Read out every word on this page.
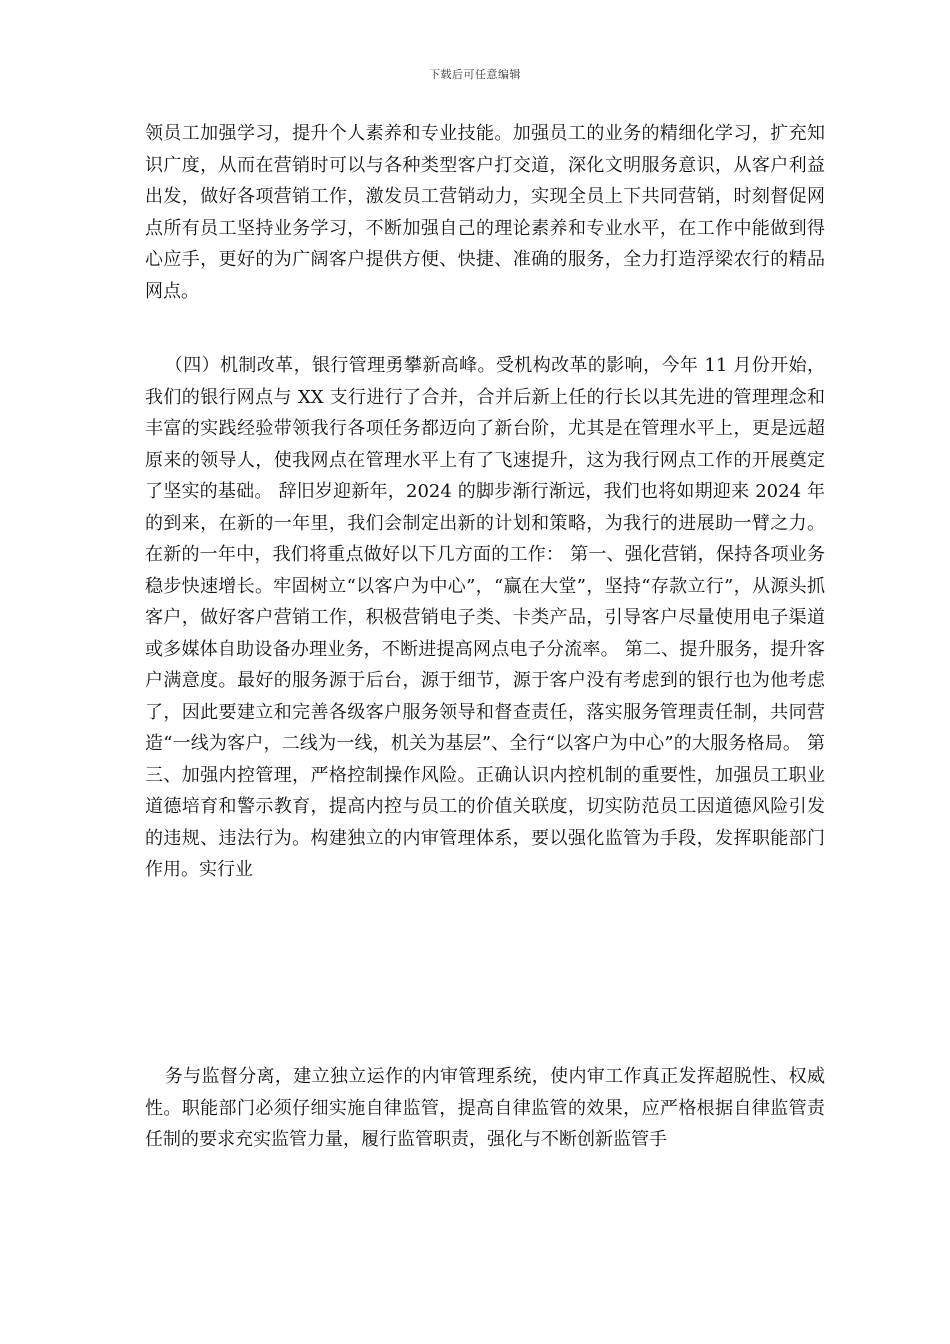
下载后可任意编辑

领员工加强学习，提升个人素养和专业技能。加强员工的业务的精细化学习，扩充知识广度，从而在营销时可以与各种类型客户打交道，深化文明服务意识，从客户利益出发，做好各项营销工作，激发员工营销动力，实现全员上下共同营销，时刻督促网点所有员工坚持业务学习，不断加强自己的理论素养和专业水平，在工作中能做到得心应手，更好的为广阔客户提供方便、快捷、准确的服务，全力打造浮梁农行的精品网点。

（四）机制改革，银行管理勇攀新高峰。受机构改革的影响，今年 11 月份开始，我们的银行网点与 XX 支行进行了合并，合并后新上任的行长以其先进的管理理念和丰富的实践经验带领我行各项任务都迈向了新台阶，尤其是在管理水平上，更是远超原来的领导人，使我网点在管理水平上有了飞速提升，这为我行网点工作的开展奠定了坚实的基础。 辞旧岁迎新年，2024 的脚步渐行渐远，我们也将如期迎来 2024 年的到来，在新的一年里，我们会制定出新的计划和策略，为我行的进展助一臂之力。在新的一年中，我们将重点做好以下几方面的工作： 第一、强化营销，保持各项业务稳步快速增长。牢固树立“以客户为中心”，“赢在大堂”，坚持“存款立行”，从源头抓客户，做好客户营销工作，积极营销电子类、卡类产品，引导客户尽量使用电子渠道或多媒体自助设备办理业务，不断进提高网点电子分流率。 第二、提升服务，提升客户满意度。最好的服务源于后台，源于细节，源于客户没有考虑到的银行也为他考虑了，因此要建立和完善各级客户服务领导和督查责任，落实服务管理责任制，共同营造“一线为客户，二线为一线，机关为基层”、全行“以客户为中心”的大服务格局。 第三、加强内控管理，严格控制操作风险。正确认识内控机制的重要性，加强员工职业道德培育和警示教育，提高内控与员工的价值关联度，切实防范员工因道德风险引发的违规、违法行为。构建独立的内审管理体系，要以强化监管为手段，发挥职能部门作用。实行业

务与监督分离，建立独立运作的内审管理系统，使内审工作真正发挥超脱性、权威性。职能部门必须仔细实施自律监管，提高自律监管的效果，应严格根据自律监管责任制的要求充实监管力量，履行监管职责，强化与不断创新监管手
